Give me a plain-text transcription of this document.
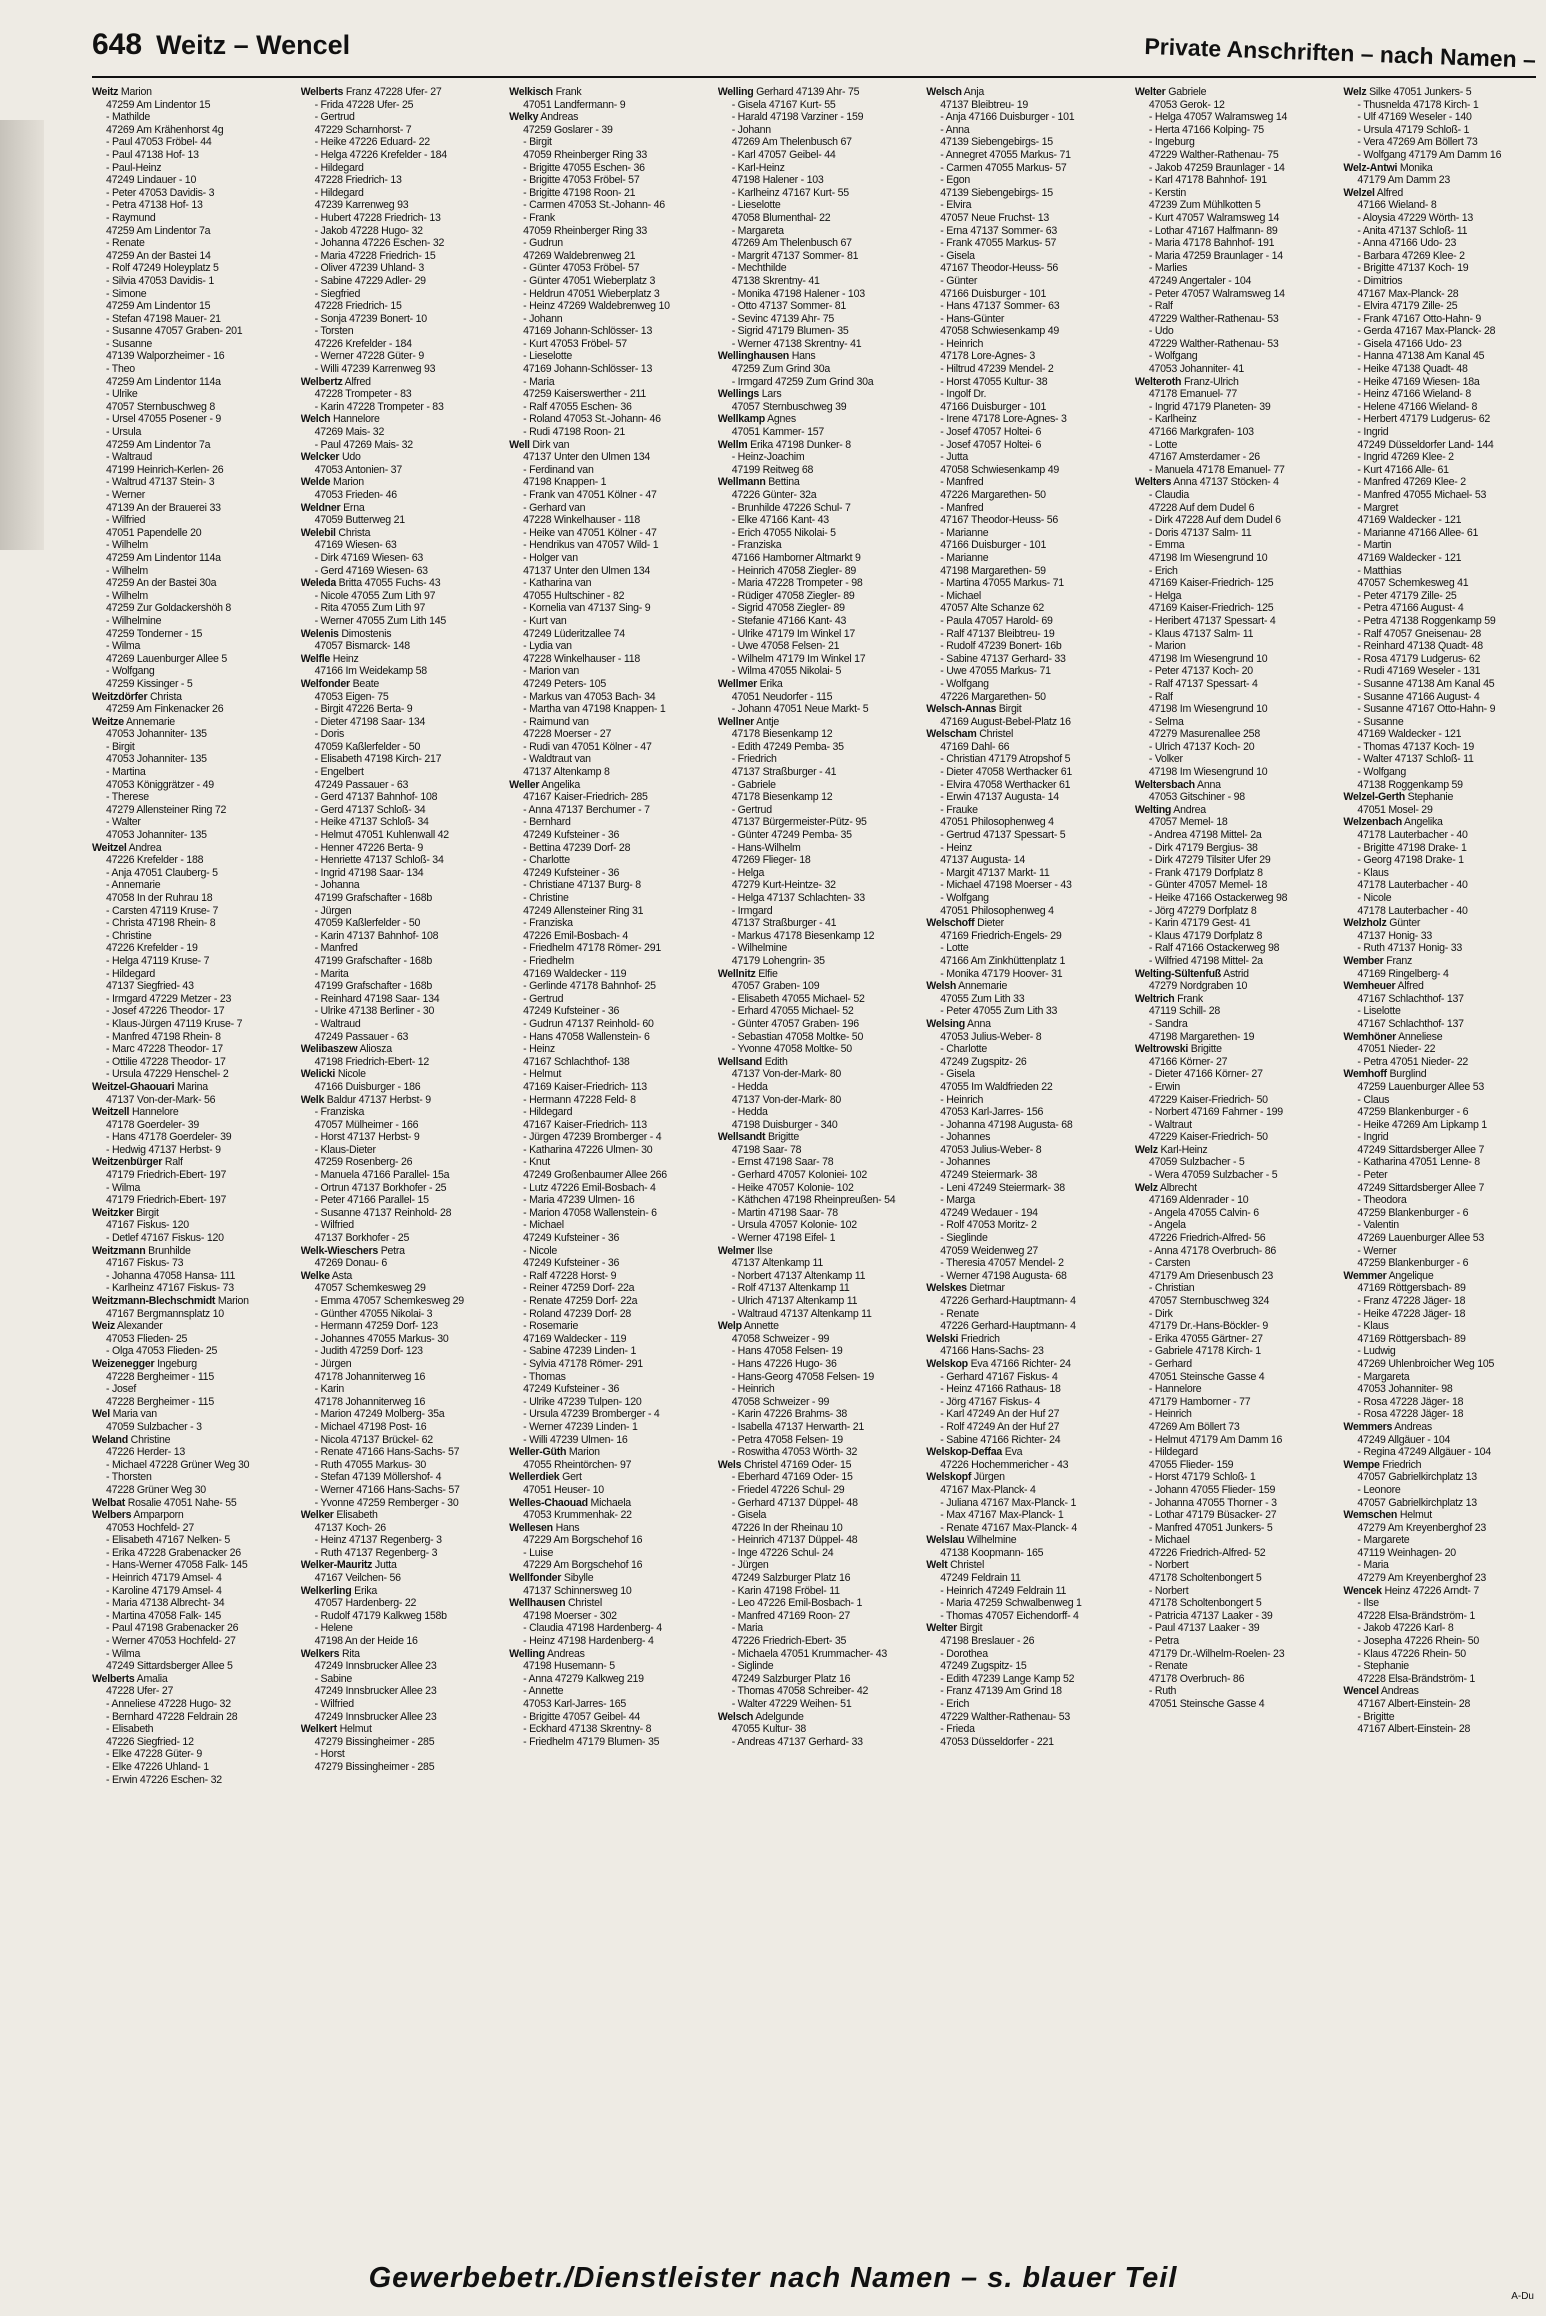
648 Weitz – Wencel	Private Anschriften – nach Namen –
Weitz Marion
47259 Am Lindentor 15
- Mathilde
47269 Am Krähenhorst 4g
- Paul 47053 Fröbel- 44
- Paul 47138 Hof- 13
- Paul-Heinz
47249 Lindauer - 10
- Peter 47053 Davidis- 3
- Petra 47138 Hof- 13
- Raymund
47259 Am Lindentor 7a
- Renate
47259 An der Bastei 14
- Rolf 47249 Holeyplatz 5
- Silvia 47053 Davidis- 1
- Simone
47259 Am Lindentor 15
- Stefan 47198 Mauer- 21
- Susanne 47057 Graben- 201
- Susanne
47139 Walporzheimer - 16
- Theo
47259 Am Lindentor 114a
- Ulrike
47057 Sternbuschweg 8
- Ursel 47055 Posener - 9
- Ursula
47259 Am Lindentor 7a
- Waltraud
47199 Heinrich-Kerlen- 26
- Waltrud 47137 Stein- 3
- Werner
47139 An der Brauerei 33
- Wilfried
47051 Papendelle 20
- Wilhelm
47259 Am Lindentor 114a
- Wilhelm
47259 An der Bastei 30a
- Wilhelm
47259 Zur Goldackershöh 8
- Wilhelmine
47259 Tonderner - 15
- Wilma
47269 Lauenburger Allee 5
- Wolfgang
47259 Kissinger - 5
Weitzdörfer Christa
47259 Am Finkenacker 26
Weitze Annemarie
47053 Johanniter- 135
- Birgit
47053 Johanniter- 135
- Martina
47053 Königgrätzer - 49
- Therese
47279 Allensteiner Ring 72
- Walter
47053 Johanniter- 135
Weitzel Andrea
47226 Krefelder - 188
- Anja 47051 Clauberg- 5
- Annemarie
47058 In der Ruhrau 18
- Carsten 47119 Kruse- 7
- Christa 47198 Rhein- 8
- Christine
47226 Krefelder - 19
- Helga 47119 Kruse- 7
- Hildegard
47137 Siegfried- 43
- Irmgard 47229 Metzer - 23
- Josef 47226 Theodor- 17
- Klaus-Jürgen 47119 Kruse- 7
- Manfred 47198 Rhein- 8
- Marc 47228 Theodor- 17
- Ottilie 47228 Theodor- 17
- Ursula 47229 Henschel- 2
Weitzel-Ghaouari Marina
47137 Von-der-Mark- 56
Weitzell Hannelore
47178 Goerdeler- 39
- Hans 47178 Goerdeler- 39
- Hedwig 47137 Herbst- 9
Weitzenbürger Ralf
47179 Friedrich-Ebert- 197
- Wilma
47179 Friedrich-Ebert- 197
Weitzker Birgit
47167 Fiskus- 120
- Detlef 47167 Fiskus- 120
Weitzmann Brunhilde
47167 Fiskus- 73
- Johanna 47058 Hansa- 111
- Karlheinz 47167 Fiskus- 73
Weitzmann-Blechschmidt Marion
47167 Bergmannsplatz 10
Weiz Alexander
47053 Flieden- 25
- Olga 47053 Flieden- 25
Weizenegger Ingeburg
47228 Bergheimer - 115
- Josef
47228 Bergheimer - 115
Wel Maria van
47059 Sulzbacher - 3
Weland Christine
47226 Herder- 13
- Michael 47228 Grüner Weg 30
- Thorsten
47228 Grüner Weg 30
Welbat Rosalie 47051 Nahe- 55
Welbers Amparporn
47053 Hochfeld- 27
- Elisabeth 47167 Nelken- 5
- Erika 47228 Grabenacker 26
- Hans-Werner 47058 Falk- 145
- Heinrich 47179 Amsel- 4
- Karoline 47179 Amsel- 4
- Maria 47138 Albrecht- 34
- Martina 47058 Falk- 145
- Paul 47198 Grabenacker 26
- Werner 47053 Hochfeld- 27
- Wilma
47249 Sittardsberger Allee 5
Welberts Amalia
47228 Ufer- 27
- Anneliese 47228 Hugo- 32
- Bernhard 47228 Feldrain 28
- Elisabeth
47226 Siegfried- 12
- Elke 47228 Güter- 9
- Elke 47226 Uhland- 1
- Erwin 47226 Eschen- 32
Welberts Franz 47228 Ufer- 27
- Frida 47228 Ufer- 25
- Gertrud
47229 Scharnhorst- 7
- Heike 47226 Eduard- 22
- Helga 47226 Krefelder - 184
- Hildegard
47228 Friedrich- 13
- Hildegard
47239 Karrenweg 93
- Hubert 47228 Friedrich- 13
- Jakob 47228 Hugo- 32
- Johanna 47226 Eschen- 32
- Maria 47228 Friedrich- 15
- Oliver 47239 Uhland- 3
- Sabine 47229 Adler- 29
- Siegfried
47228 Friedrich- 15
- Sonja 47239 Bonert- 10
- Torsten
47226 Krefelder - 184
- Werner 47228 Güter- 9
- Willi 47239 Karrenweg 93
Welbertz Alfred
47228 Trompeter - 83
- Karin 47228 Trompeter - 83
Welch Hannelore
47269 Mais- 32
- Paul 47269 Mais- 32
Welcker Udo
47053 Antonien- 37
Welde Marion
47053 Frieden- 46
Weldner Erna
47059 Butterweg 21
Welebil Christa
47169 Wiesen- 63
- Dirk 47169 Wiesen- 63
- Gerd 47169 Wiesen- 63
Weleda Britta 47055 Fuchs- 43
- Nicole 47055 Zum Lith 97
- Rita 47055 Zum Lith 97
- Werner 47055 Zum Lith 145
Welenis Dimostenis
47057 Bismarck- 148
Welfle Heinz
47166 Im Weidekamp 58
Welfonder Beate
47053 Eigen- 75
- Birgit 47226 Berta- 9
- Dieter 47198 Saar- 134
- Doris
47059 Kaßlerfelder - 50
- Elisabeth 47198 Kirch- 217
- Engelbert
47249 Passauer - 63
- Gerd 47137 Bahnhof- 108
- Gerd 47137 Schloß- 34
- Heike 47137 Schloß- 34
- Helmut 47051 Kuhlenwall 42
- Henner 47226 Berta- 9
- Henriette 47137 Schloß- 34
- Ingrid 47198 Saar- 134
- Johanna
47199 Grafschafter - 168b
- Jürgen
47059 Kaßlerfelder - 50
- Karin 47137 Bahnhof- 108
- Manfred
47199 Grafschafter - 168b
- Marita
47199 Grafschafter - 168b
- Reinhard 47198 Saar- 134
- Ulrike 47138 Berliner - 30
- Waltraud
47249 Passauer - 63
Welibaszew Aliosza
47198 Friedrich-Ebert- 12
Welicki Nicole
47166 Duisburger - 186
Welk Baldur 47137 Herbst- 9
- Franziska
47057 Mülheimer - 166
- Horst 47137 Herbst- 9
- Klaus-Dieter
47259 Rosenberg- 26
- Manuela 47166 Parallel- 15a
- Ortrun 47137 Borkhofer - 25
- Peter 47166 Parallel- 15
- Susanne 47137 Reinhold- 28
- Wilfried
47137 Borkhofer - 25
Welk-Wieschers Petra
47269 Donau- 6
Welke Asta
47057 Schemkesweg 29
- Emma 47057 Schemkesweg 29
- Günther 47055 Nikolai- 3
- Hermann 47259 Dorf- 123
- Johannes 47055 Markus- 30
- Judith 47259 Dorf- 123
- Jürgen
47178 Johanniterweg 16
- Karin
47178 Johanniterweg 16
- Marion 47249 Molberg- 35a
- Michael 47198 Post- 16
- Nicola 47137 Brückel- 62
- Renate 47166 Hans-Sachs- 57
- Ruth 47055 Markus- 30
- Stefan 47139 Möllershof- 4
- Werner 47166 Hans-Sachs- 57
- Yvonne 47259 Remberger - 30
Welker Elisabeth
47137 Koch- 26
- Heinz 47137 Regenberg- 3
- Ruth 47137 Regenberg- 3
Welker-Mauritz Jutta
47167 Veilchen- 56
Welkerling Erika
47057 Hardenberg- 22
- Rudolf 47179 Kalkweg 158b
- Helene
47198 An der Heide 16
Welkers Rita
47249 Innsbrucker Allee 23
- Sabine
47249 Innsbrucker Allee 23
- Wilfried
47249 Innsbrucker Allee 23
Welkert Helmut
47279 Bissingheimer - 285
- Horst
47279 Bissingheimer - 285
Welkisch Frank
47051 Landfermann- 9
Welky Andreas
47259 Goslarer - 39
- Birgit
47059 Rheinberger Ring 33
- Brigitte 47055 Eschen- 36
- Brigitte 47053 Fröbel- 57
- Brigitte 47198 Roon- 21
- Carmen 47053 St.-Johann- 46
- Frank
47059 Rheinberger Ring 33
- Gudrun
47269 Waldebrenweg 21
- Günter 47053 Fröbel- 57
- Günter 47051 Wieberplatz 3
- Heldrun 47051 Wieberplatz 3
- Heinz 47269 Waldebrenweg 10
- Johann
47169 Johann-Schlösser- 13
- Kurt 47053 Fröbel- 57
- Lieselotte
47169 Johann-Schlösser- 13
- Maria
47259 Kaiserswerther - 211
- Ralf 47055 Eschen- 36
- Roland 47053 St.-Johann- 46
- Rudi 47198 Roon- 21
Well Dirk van
47137 Unter den Ulmen 134
- Ferdinand van
47198 Knappen- 1
- Frank van 47051 Kölner - 47
- Gerhard van
47228 Winkelhauser - 118
- Heike van 47051 Kölner - 47
- Hendrikus van 47057 Wild- 1
- Holger van
47137 Unter den Ulmen 134
- Katharina van
47055 Hultschiner - 82
- Kornelia van 47137 Sing- 9
- Kurt van
47249 Lüderitzallee 74
- Lydia van
47228 Winkelhauser - 118
- Marion van
47249 Peters- 105
- Markus van 47053 Bach- 34
- Martha van 47198 Knappen- 1
- Raimund van
47228 Moerser - 27
- Rudi van 47051 Kölner - 47
- Waldtraut van
47137 Altenkamp 8
Weller Angelika
47167 Kaiser-Friedrich- 285
- Anna 47137 Berchumer - 7
- Bernhard
47249 Kufsteiner - 36
- Bettina 47239 Dorf- 28
- Charlotte
47249 Kufsteiner - 36
- Christiane 47137 Burg- 8
- Christine
47249 Allensteiner Ring 31
- Franziska
47226 Emil-Bosbach- 4
- Friedhelm 47178 Römer- 291
- Friedhelm
47169 Waldecker - 119
- Gerlinde 47178 Bahnhof- 25
- Gertrud
47249 Kufsteiner - 36
- Gudrun 47137 Reinhold- 60
- Hans 47058 Wallenstein- 6
- Heinz
47167 Schlachthof- 138
- Helmut
47169 Kaiser-Friedrich- 113
- Hermann 47228 Feld- 8
- Hildegard
47167 Kaiser-Friedrich- 113
- Jürgen 47239 Bromberger - 4
- Katharina 47226 Ulmen- 30
- Knut
47249 Großenbaumer Allee 266
- Lutz 47226 Emil-Bosbach- 4
- Maria 47239 Ulmen- 16
- Marion 47058 Wallenstein- 6
- Michael
47249 Kufsteiner - 36
- Nicole
47249 Kufsteiner - 36
- Ralf 47228 Horst- 9
- Reiner 47259 Dorf- 22a
- Renate 47259 Dorf- 22a
- Roland 47239 Dorf- 28
- Rosemarie
47169 Waldecker - 119
- Sabine 47239 Linden- 1
- Sylvia 47178 Römer- 291
- Thomas
47249 Kufsteiner - 36
- Ulrike 47239 Tulpen- 120
- Ursula 47239 Bromberger - 4
- Werner 47239 Linden- 1
- Willi 47239 Ulmen- 16
Weller-Güth Marion
47055 Rheintörchen- 97
Wellerdiek Gert
47051 Heuser- 10
Welles-Chaouad Michaela
47053 Krummenhak- 22
Wellesen Hans
47229 Am Borgschehof 16
- Luise
47229 Am Borgschehof 16
Wellfonder Sibylle
47137 Schinnersweg 10
Wellhausen Christel
47198 Moerser - 302
- Claudia 47198 Hardenberg- 4
- Heinz 47198 Hardenberg- 4
Welling Andreas
47198 Husemann- 5
- Anna 47279 Kalkweg 219
- Annette
47053 Karl-Jarres- 165
- Brigitte 47057 Geibel- 44
- Eckhard 47138 Skrentny- 8
- Friedhelm 47179 Blumen- 35
Welling Gerhard 47139 Ahr- 75
- Gisela 47167 Kurt- 55
- Harald 47198 Varziner - 159
- Johann
47269 Am Thelenbusch 67
- Karl 47057 Geibel- 44
- Karl-Heinz
47198 Halener - 103
- Karlheinz 47167 Kurt- 55
- Lieselotte
47058 Blumenthal- 22
- Margareta
47269 Am Thelenbusch 67
- Margrit 47137 Sommer- 81
- Mechthilde
47138 Skrentny- 41
- Monika 47198 Halener - 103
- Otto 47137 Sommer- 81
- Sevinc 47139 Ahr- 75
- Sigrid 47179 Blumen- 35
- Werner 47138 Skrentny- 41
Wellinghausen Hans
47259 Zum Grind 30a
- Irmgard 47259 Zum Grind 30a
Wellings Lars
47057 Sternbuschweg 39
Wellkamp Agnes
47051 Kammer- 157
Wellm Erika 47198 Dunker- 8
- Heinz-Joachim
47199 Reitweg 68
Wellmann Bettina
47226 Günter- 32a
- Brunhilde 47226 Schul- 7
- Elke 47166 Kant- 43
- Erich 47055 Nikolai- 5
- Franziska
47166 Hamborner Altmarkt 9
- Heinrich 47058 Ziegler- 89
- Maria 47228 Trompeter - 98
- Rüdiger 47058 Ziegler- 89
- Sigrid 47058 Ziegler- 89
- Stefanie 47166 Kant- 43
- Ulrike 47179 Im Winkel 17
- Uwe 47058 Felsen- 21
- Wilhelm 47179 Im Winkel 17
- Wilma 47055 Nikolai- 5
Wellmer Erika
47051 Neudorfer - 115
- Johann 47051 Neue Markt- 5
Wellner Antje
47178 Biesenkamp 12
- Edith 47249 Pemba- 35
- Friedrich
47137 Straßburger - 41
- Gabriele
47178 Biesenkamp 12
- Gertrud
47137 Bürgermeister-Pütz- 95
- Günter 47249 Pemba- 35
- Hans-Wilhelm
47269 Flieger- 18
- Helga
47279 Kurt-Heintze- 32
- Helga 47137 Schlachten- 33
- Irmgard
47137 Straßburger - 41
- Markus 47178 Biesenkamp 12
- Wilhelmine
47179 Lohengrin- 35
Wellnitz Elfie
47057 Graben- 109
- Elisabeth 47055 Michael- 52
- Erhard 47055 Michael- 52
- Günter 47057 Graben- 196
- Sebastian 47058 Moltke- 50
- Yvonne 47058 Moltke- 50
Wellsand Edith
47137 Von-der-Mark- 80
- Hedda
47137 Von-der-Mark- 80
- Hedda
47198 Duisburger - 340
Wellsandt Brigitte
47198 Saar- 78
- Ernst 47198 Saar- 78
- Gerhard 47057 Koloniei- 102
- Heike 47057 Kolonie- 102
- Käthchen 47198 Rheinpreußen- 54
- Martin 47198 Saar- 78
- Ursula 47057 Kolonie- 102
- Werner 47198 Eifel- 1
Welmer Ilse
47137 Altenkamp 11
- Norbert 47137 Altenkamp 11
- Rolf 47137 Altenkamp 11
- Ulrich 47137 Altenkamp 11
- Waltraud 47137 Altenkamp 11
Welp Annette
47058 Schweizer - 99
- Hans 47058 Felsen- 19
- Hans 47226 Hugo- 36
- Hans-Georg 47058 Felsen- 19
- Heinrich
47058 Schweizer - 99
- Karin 47226 Brahms- 38
- Isabella 47137 Herwarth- 21
- Petra 47058 Felsen- 19
- Roswitha 47053 Wörth- 32
Wels Christel 47169 Oder- 15
- Eberhard 47169 Oder- 15
- Friedel 47226 Schul- 29
- Gerhard 47137 Düppel- 48
- Gisela
47226 In der Rheinau 10
- Heinrich 47137 Düppel- 48
- Inge 47226 Schul- 24
- Jürgen
47249 Salzburger Platz 16
- Karin 47198 Fröbel- 11
- Leo 47226 Emil-Bosbach- 1
- Manfred 47169 Roon- 27
- Maria
47226 Friedrich-Ebert- 35
- Michaela 47051 Krummacher- 43
- Siglinde
47249 Salzburger Platz 16
- Thomas 47058 Schreiber- 42
- Walter 47229 Weihen- 51
Welsch Adelgunde
47055 Kultur- 38
- Andreas 47137 Gerhard- 33
Welsch Anja
47137 Bleibtreu- 19
- Anja 47166 Duisburger - 101
- Anna
47139 Siebengebirgs- 15
- Annegret 47055 Markus- 71
- Carmen 47055 Markus- 57
- Egon
47139 Siebengebirgs- 15
- Elvira
47057 Neue Fruchst- 13
- Erna 47137 Sommer- 63
- Frank 47055 Markus- 57
- Gisela
47167 Theodor-Heuss- 56
- Günter
47166 Duisburger - 101
- Hans 47137 Sommer- 63
- Hans-Günter
47058 Schwiesenkamp 49
- Heinrich
47178 Lore-Agnes- 3
- Hiltrud 47239 Mendel- 2
- Horst 47055 Kultur- 38
- Ingolf Dr.
47166 Duisburger - 101
- Irene 47178 Lore-Agnes- 3
- Josef 47057 Holtei- 6
- Josef 47057 Holtei- 6
- Jutta
47058 Schwiesenkamp 49
- Manfred
47226 Margarethen- 50
- Manfred
47167 Theodor-Heuss- 56
- Marianne
47166 Duisburger - 101
- Marianne
47198 Margarethen- 59
- Martina 47055 Markus- 71
- Michael
47057 Alte Schanze 62
- Paula 47057 Harold- 69
- Ralf 47137 Bleibtreu- 19
- Rudolf 47239 Bonert- 16b
- Sabine 47137 Gerhard- 33
- Uwe 47055 Markus- 71
- Wolfgang
47226 Margarethen- 50
Welsch-Annas Birgit
47169 August-Bebel-Platz 16
Welscham Christel
47169 Dahl- 66
- Christian 47179 Atropshof 5
- Dieter 47058 Werthacker 61
- Elvira 47058 Werthacker 61
- Erwin 47137 Augusta- 14
- Frauke
47051 Philosophenweg 4
- Gertrud 47137 Spessart- 5
- Heinz
47137 Augusta- 14
- Margit 47137 Markt- 11
- Michael 47198 Moerser - 43
- Wolfgang
47051 Philosophenweg 4
Welschoff Dieter
47169 Friedrich-Engels- 29
- Lotte
47166 Am Zinkhüttenplatz 1
- Monika 47179 Hoover- 31
Welsh Annemarie
47055 Zum Lith 33
- Peter 47055 Zum Lith 33
Welsing Anna
47053 Julius-Weber- 8
- Charlotte
47249 Zugspitz- 26
- Gisela
47055 Im Waldfrieden 22
- Heinrich
47053 Karl-Jarres- 156
- Johanna 47198 Augusta- 68
- Johannes
47053 Julius-Weber- 8
- Johannes
47249 Steiermark- 38
- Leni 47249 Steiermark- 38
- Marga
47249 Wedauer - 194
- Rolf 47053 Moritz- 2
- Sieglinde
47059 Weidenweg 27
- Theresia 47057 Mendel- 2
- Werner 47198 Augusta- 68
Welskes Dietmar
47226 Gerhard-Hauptmann- 4
- Renate
47226 Gerhard-Hauptmann- 4
Welski Friedrich
47166 Hans-Sachs- 23
Welskop Eva 47166 Richter- 24
- Gerhard 47167 Fiskus- 4
- Heinz 47166 Rathaus- 18
- Jörg 47167 Fiskus- 4
- Karl 47249 An der Huf 27
- Rolf 47249 An der Huf 27
- Sabine 47166 Richter- 24
Welskop-Deffaa Eva
47226 Hochemmericher - 43
Welskopf Jürgen
47167 Max-Planck- 4
- Juliana 47167 Max-Planck- 1
- Max 47167 Max-Planck- 1
- Renate 47167 Max-Planck- 4
Welslau Wilhelmine
47138 Koopmann- 165
Welt Christel
47249 Feldrain 11
- Heinrich 47249 Feldrain 11
- Maria 47259 Schwalbenweg 1
- Thomas 47057 Eichendorff- 4
Welter Birgit
47198 Breslauer - 26
- Dorothea
47249 Zugspitz- 15
- Edith 47239 Lange Kamp 52
- Franz 47139 Am Grind 18
- Erich
47229 Walther-Rathenau- 53
- Frieda
47053 Düsseldorfer - 221
Welter Gabriele
47053 Gerok- 12
- Helga 47057 Walramsweg 14
- Herta 47166 Kolping- 75
- Ingeburg
47229 Walther-Rathenau- 75
- Jakob 47259 Braunlager - 14
- Karl 47178 Bahnhof- 191
- Kerstin
47239 Zum Mühlkotten 5
- Kurt 47057 Walramsweg 14
- Lothar 47167 Halfmann- 89
- Maria 47178 Bahnhof- 191
- Maria 47259 Braunlager - 14
- Marlies
47249 Angertaler - 104
- Peter 47057 Walramsweg 14
- Ralf
47229 Walther-Rathenau- 53
- Udo
47229 Walther-Rathenau- 53
- Wolfgang
47053 Johanniter- 41
Welteroth Franz-Ulrich
47178 Emanuel- 77
- Ingrid 47179 Planeten- 39
- Karlheinz
47166 Markgrafen- 103
- Lotte
47167 Amsterdamer - 26
- Manuela 47178 Emanuel- 77
Welters Anna 47137 Stöcken- 4
- Claudia
47228 Auf dem Dudel 6
- Dirk 47228 Auf dem Dudel 6
- Doris 47137 Salm- 11
- Emma
47198 Im Wiesengrund 10
- Erich
47169 Kaiser-Friedrich- 125
- Helga
47169 Kaiser-Friedrich- 125
- Heribert 47137 Spessart- 4
- Klaus 47137 Salm- 11
- Marion
47198 Im Wiesengrund 10
- Peter 47137 Koch- 20
- Ralf 47137 Spessart- 4
- Ralf
47198 Im Wiesengrund 10
- Selma
47279 Masurenallee 258
- Ulrich 47137 Koch- 20
- Volker
47198 Im Wiesengrund 10
Weltersbach Anna
47053 Gitschiner - 98
Welting Andrea
47057 Memel- 18
- Andrea 47198 Mittel- 2a
- Dirk 47179 Bergius- 38
- Dirk 47279 Tilsiter Ufer 29
- Frank 47179 Dorfplatz 8
- Günter 47057 Memel- 18
- Heike 47166 Ostackerweg 98
- Jörg 47279 Dorfplatz 8
- Karin 47179 Gest- 41
- Klaus 47179 Dorfplatz 8
- Ralf 47166 Ostackerweg 98
- Wilfried 47198 Mittel- 2a
Welting-Sültenfuß Astrid
47279 Nordgraben 10
Weltrich Frank
47119 Schill- 28
- Sandra
47198 Margarethen- 19
Weltrowski Brigitte
47166 Körner- 27
- Dieter 47166 Körner- 27
- Erwin
47229 Kaiser-Friedrich- 50
- Norbert 47169 Fahrner - 199
- Waltraut
47229 Kaiser-Friedrich- 50
Welz Karl-Heinz
47059 Sulzbacher - 5
- Wera 47059 Sulzbacher - 5
Welz Albrecht
47169 Aldenrader - 10
- Angela 47055 Calvin- 6
- Angela
47226 Friedrich-Alfred- 56
- Anna 47178 Overbruch- 86
- Carsten
47179 Am Driesenbusch 23
- Christian
47057 Sternbuschweg 324
- Dirk
47179 Dr.-Hans-Böckler- 9
- Erika 47055 Gärtner- 27
- Gabriele 47178 Kirch- 1
- Gerhard
47051 Steinsche Gasse 4
- Hannelore
47179 Hamborner - 77
- Heinrich
47269 Am Böllert 73
- Helmut 47179 Am Damm 16
- Hildegard
47055 Flieder- 159
- Horst 47179 Schloß- 1
- Johann 47055 Flieder- 159
- Johanna 47055 Thorner - 3
- Lothar 47179 Büsacker- 27
- Manfred 47051 Junkers- 5
- Michael
47226 Friedrich-Alfred- 52
- Norbert
47178 Scholtenbongert 5
- Norbert
47178 Scholtenbongert 5
- Patricia 47137 Laaker - 39
- Paul 47137 Laaker - 39
- Petra
47179 Dr.-Wilhelm-Roelen- 23
- Renate
47178 Overbruch- 86
- Ruth
47051 Steinsche Gasse 4
Welz Silke 47051 Junkers- 5
- Thusnelda 47178 Kirch- 1
- Ulf 47169 Weseler - 140
- Ursula 47179 Schloß- 1
- Vera 47269 Am Böllert 73
- Wolfgang 47179 Am Damm 16
Welz-Antwi Monika
47179 Am Damm 23
Welzel Alfred
47166 Wieland- 8
- Aloysia 47229 Wörth- 13
- Anita 47137 Schloß- 11
- Anna 47166 Udo- 23
- Barbara 47269 Klee- 2
- Brigitte 47137 Koch- 19
- Dimitrios
47167 Max-Planck- 28
- Elvira 47179 Zille- 25
- Frank 47167 Otto-Hahn- 9
- Gerda 47167 Max-Planck- 28
- Gisela 47166 Udo- 23
- Hanna 47138 Am Kanal 45
- Heike 47138 Quadt- 48
- Heike 47169 Wiesen- 18a
- Heinz 47166 Wieland- 8
- Helene 47166 Wieland- 8
- Herbert 47179 Ludgerus- 62
- Ingrid
47249 Düsseldorfer Land- 144
- Ingrid 47269 Klee- 2
- Kurt 47166 Alle- 61
- Manfred 47269 Klee- 2
- Manfred 47055 Michael- 53
- Margret
47169 Waldecker - 121
- Marianne 47166 Allee- 61
- Martin
47169 Waldecker - 121
- Matthias
47057 Schemkesweg 41
- Peter 47179 Zille- 25
- Petra 47166 August- 4
- Petra 47138 Roggenkamp 59
- Ralf 47057 Gneisenau- 28
- Reinhard 47138 Quadt- 48
- Rosa 47179 Ludgerus- 62
- Rudi 47169 Weseler - 131
- Susanne 47138 Am Kanal 45
- Susanne 47166 August- 4
- Susanne 47167 Otto-Hahn- 9
- Susanne
47169 Waldecker - 121
- Thomas 47137 Koch- 19
- Walter 47137 Schloß- 11
- Wolfgang
47138 Roggenkamp 59
Welzel-Gerth Stephanie
47051 Mosel- 29
Welzenbach Angelika
47178 Lauterbacher - 40
- Brigitte 47198 Drake- 1
- Georg 47198 Drake- 1
- Klaus
47178 Lauterbacher - 40
- Nicole
47178 Lauterbacher - 40
Welzholz Günter
47137 Honig- 33
- Ruth 47137 Honig- 33
Wember Franz
47169 Ringelberg- 4
Wemheuer Alfred
47167 Schlachthof- 137
- Liselotte
47167 Schlachthof- 137
Wemhöner Anneliese
47051 Nieder- 22
- Petra 47051 Nieder- 22
Wemhoff Burglind
47259 Lauenburger Allee 53
- Claus
47259 Blankenburger - 6
- Heike 47269 Am Lipkamp 1
- Ingrid
47249 Sittardsberger Allee 7
- Katharina 47051 Lenne- 8
- Peter
47249 Sittardsberger Allee 7
- Theodora
47259 Blankenburger - 6
- Valentin
47269 Lauenburger Allee 53
- Werner
47259 Blankenburger - 6
Wemmer Angelique
47169 Röttgersbach- 89
- Franz 47228 Jäger- 18
- Heike 47228 Jäger- 18
- Klaus
47169 Röttgersbach- 89
- Ludwig
47269 Uhlenbroicher Weg 105
- Margareta
47053 Johanniter- 98
- Rosa 47228 Jäger- 18
- Rosa 47228 Jäger- 18
Wemmers Andreas
47249 Allgäuer - 104
- Regina 47249 Allgäuer - 104
Wempe Friedrich
47057 Gabrielkirchplatz 13
- Leonore
47057 Gabrielkirchplatz 13
Wemschen Helmut
47279 Am Kreyenberghof 23
- Margarete
47119 Weinhagen- 20
- Maria
47279 Am Kreyenberghof 23
Wencek Heinz 47226 Arndt- 7
- Ilse
47228 Elsa-Brändström- 1
- Jakob 47226 Karl- 8
- Josepha 47226 Rhein- 50
- Klaus 47226 Rhein- 50
- Stephanie
47228 Elsa-Brändström- 1
Wencel Andreas
47167 Albert-Einstein- 28
- Brigitte
47167 Albert-Einstein- 28
Gewerbebetr./Dienstleister nach Namen – s. blauer Teil
A-Du
